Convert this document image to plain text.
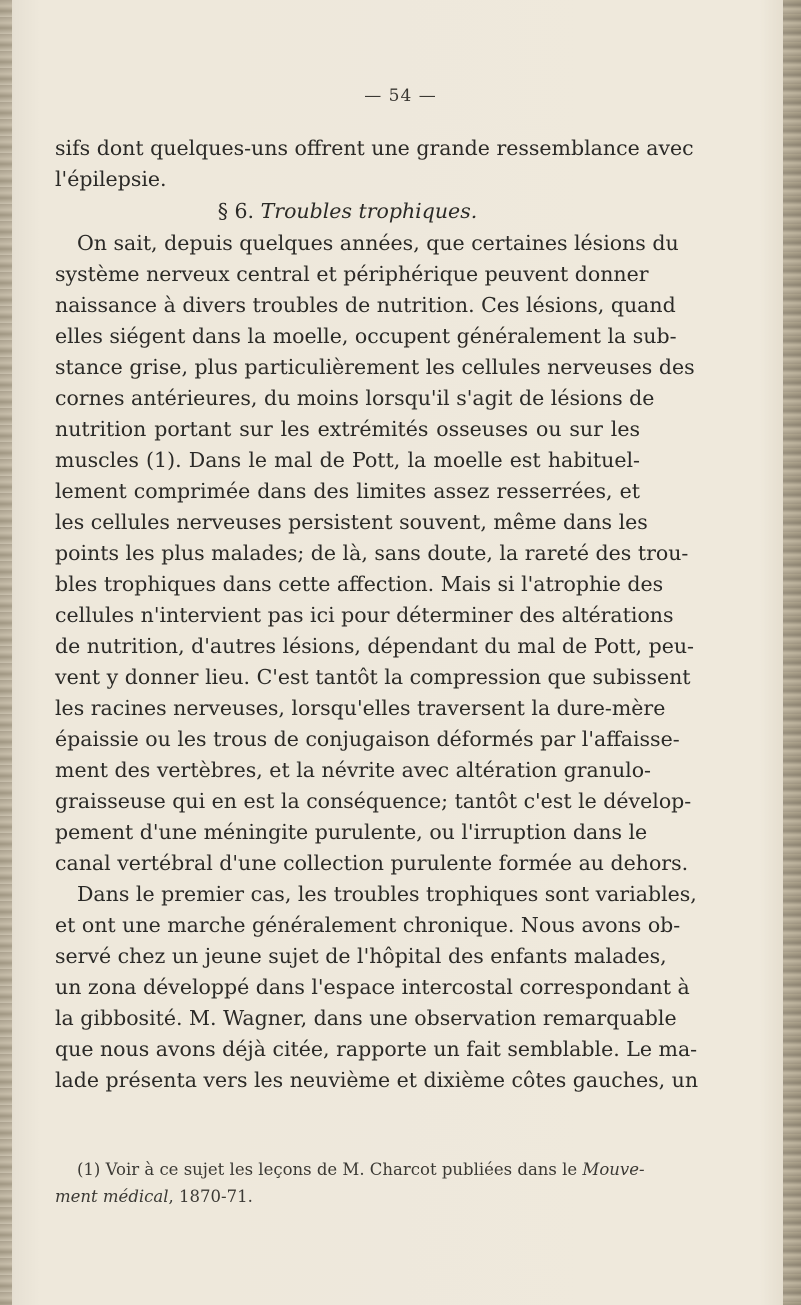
— 54 —
sifs dont quelques-uns offrent une grande ressemblance avec
l'épilepsie.
§ 6. Troubles trophiques.
On sait, depuis quelques années, que certaines lésions du
système nerveux central et périphérique peuvent donner
naissance à divers troubles de nutrition. Ces lésions, quand
elles siégent dans la moelle, occupent généralement la sub-
stance grise, plus particulièrement les cellules nerveuses des
cornes antérieures, du moins lorsqu'il s'agit de lésions de
nutrition portant sur les extrémités osseuses ou sur les
muscles (1). Dans le mal de Pott, la moelle est habituel-
lement comprimée dans des limites assez resserrées, et
les cellules nerveuses persistent souvent, même dans les
points les plus malades; de là, sans doute, la rareté des trou-
bles trophiques dans cette affection. Mais si l'atrophie des
cellules n'intervient pas ici pour déterminer des altérations
de nutrition, d'autres lésions, dépendant du mal de Pott, peu-
vent y donner lieu. C'est tantôt la compression que subissent
les racines nerveuses, lorsqu'elles traversent la dure-mère
épaissie ou les trous de conjugaison déformés par l'affaisse-
ment des vertèbres, et la névrite avec altération granulo-
graisseuse qui en est la conséquence; tantôt c'est le dévelop-
pement d'une méningite purulente, ou l'irruption dans le
canal vertébral d'une collection purulente formée au dehors.
Dans le premier cas, les troubles trophiques sont variables,
et ont une marche généralement chronique. Nous avons ob-
servé chez un jeune sujet de l'hôpital des enfants malades,
un zona développé dans l'espace intercostal correspondant à
la gibbosité. M. Wagner, dans une observation remarquable
que nous avons déjà citée, rapporte un fait semblable. Le ma-
lade présenta vers les neuvième et dixième côtes gauches, un
(1) Voir à ce sujet les leçons de M. Charcot publiées dans le Mouve-
ment médical, 1870-71.
